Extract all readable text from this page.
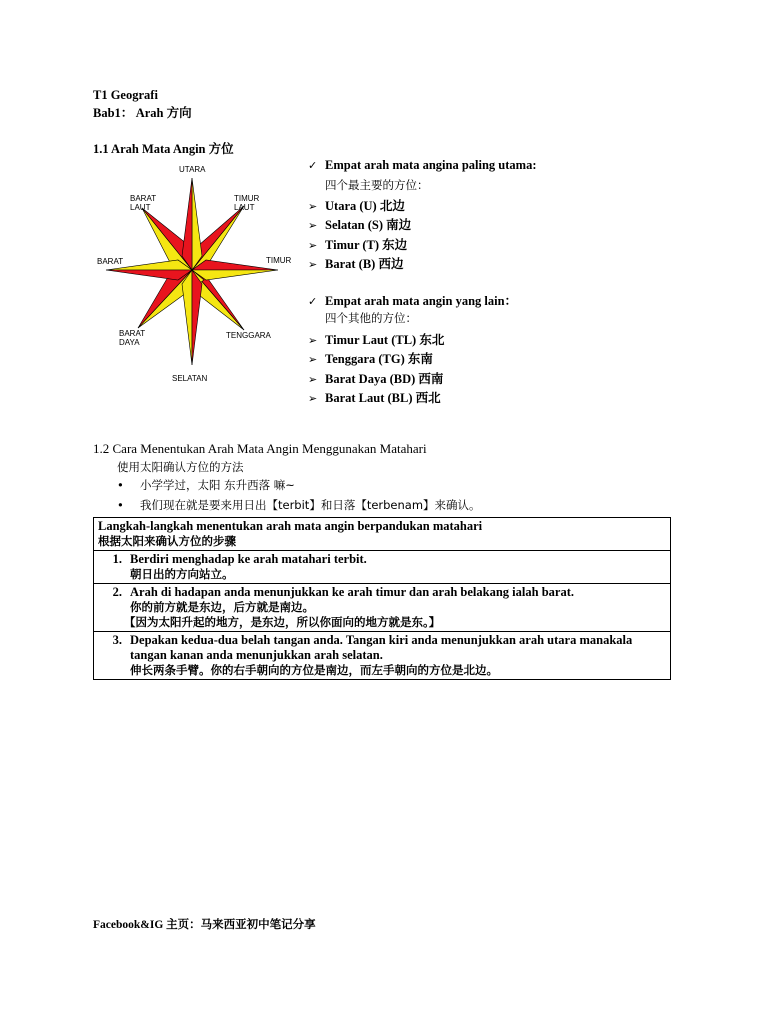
T1 Geografi
Bab1： Arah 方向
1.1 Arah Mata Angin 方位
UTARA
SELATAN
TIMUR
BARAT
TIMUR
LAUT
BARAT
LAUT
TENGGARA
BARAT
DAYA
✓ Empat arah mata angina paling utama:
四个最主要的方位：
➢ Utara (U) 北边
➢ Selatan (S) 南边
➢ Timur (T) 东边
➢ Barat (B) 西边
✓ Empat arah mata angin yang lain：
四个其他的方位：
➢ Timur Laut (TL) 东北
➢ Tenggara (TG) 东南
➢ Barat Daya (BD) 西南
➢ Barat Laut (BL) 西北
1.2 Cara Menentukan Arah Mata Angin Menggunakan Matahari
使用太阳确认方位的方法
• 小学学过，太阳 东升西落 嘛~
• 我们现在就是要来用日出【terbit】和日落【terbenam】来确认。
Langkah-langkah menentukan arah mata angin berpandukan matahari
根据太阳来确认方位的步骤

1. Berdiri menghadap ke arah matahari terbit.
朝日出的方向站立。

2. Arah di hadapan anda menunjukkan ke arah timur dan arah belakang ialah barat.
你的前方就是东边，后方就是南边。
【因为太阳升起的地方，是东边，所以你面向的地方就是东。】

3. Depakan kedua-dua belah tangan anda. Tangan kiri anda menunjukkan arah utara manakala tangan kanan anda menunjukkan arah selatan.
伸长两条手臂。你的右手朝向的方位是南边，而左手朝向的方位是北边。
Facebook&IG 主页：马来西亚初中笔记分享
